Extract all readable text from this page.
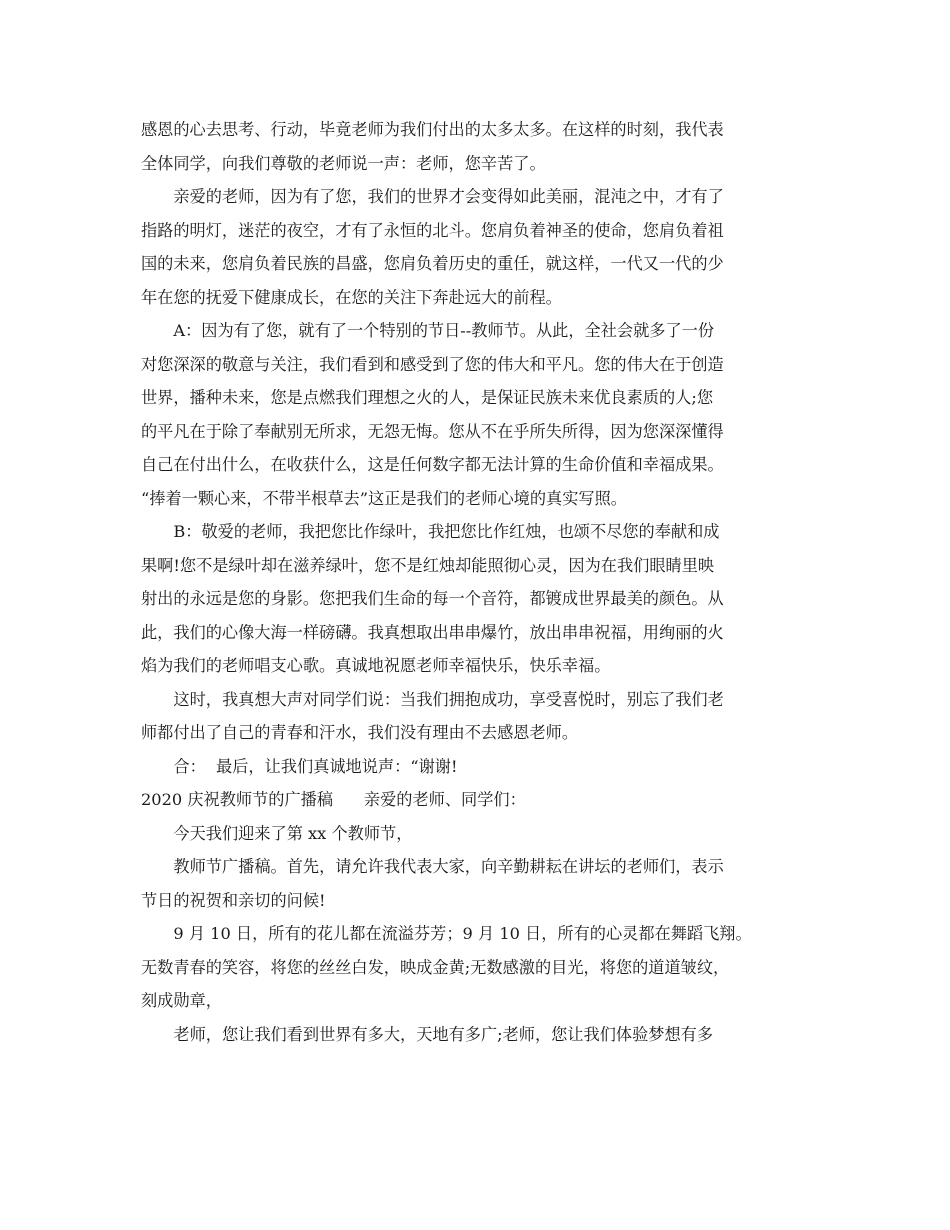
感恩的心去思考、行动，毕竟老师为我们付出的太多太多。在这样的时刻，我代表
全体同学，向我们尊敬的老师说一声：老师，您辛苦了。

亲爱的老师，因为有了您，我们的世界才会变得如此美丽，混沌之中，才有了
指路的明灯，迷茫的夜空，才有了永恒的北斗。您肩负着神圣的使命，您肩负着祖
国的未来，您肩负着民族的昌盛，您肩负着历史的重任，就这样，一代又一代的少
年在您的抚爱下健康成长，在您的关注下奔赴远大的前程。

A：因为有了您，就有了一个特别的节日--教师节。从此，全社会就多了一份
对您深深的敬意与关注，我们看到和感受到了您的伟大和平凡。您的伟大在于创造
世界，播种未来，您是点燃我们理想之火的人，是保证民族未来优良素质的人;您
的平凡在于除了奉献别无所求，无怨无悔。您从不在乎所失所得，因为您深深懂得
自己在付出什么，在收获什么，这是任何数字都无法计算的生命价值和幸福成果。
“捧着一颗心来，不带半根草去”这正是我们的老师心境的真实写照。

B：敬爱的老师，我把您比作绿叶，我把您比作红烛，也颂不尽您的奉献和成
果啊!您不是绿叶却在滋养绿叶，您不是红烛却能照彻心灵，因为在我们眼睛里映
射出的永远是您的身影。您把我们生命的每一个音符，都镀成世界最美的颜色。从
此，我们的心像大海一样磅礴。我真想取出串串爆竹，放出串串祝福，用绚丽的火
焰为我们的老师唱支心歌。真诚地祝愿老师幸福快乐，快乐幸福。

这时，我真想大声对同学们说：当我们拥抱成功，享受喜悦时，别忘了我们老
师都付出了自己的青春和汗水，我们没有理由不去感恩老师。

合：  最后，让我们真诚地说声：“谢谢!

2020 庆祝教师节的广播稿      亲爱的老师、同学们：

今天我们迎来了第 xx 个教师节，

教师节广播稿。首先，请允许我代表大家，向辛勤耕耘在讲坛的老师们，表示
节日的祝贺和亲切的问候!

9 月 10 日，所有的花儿都在流溢芬芳；9 月 10 日，所有的心灵都在舞蹈飞翔。
无数青春的笑容，将您的丝丝白发，映成金黄;无数感激的目光，将您的道道皱纹，
刻成勋章，

老师，您让我们看到世界有多大，天地有多广;老师，您让我们体验梦想有多
